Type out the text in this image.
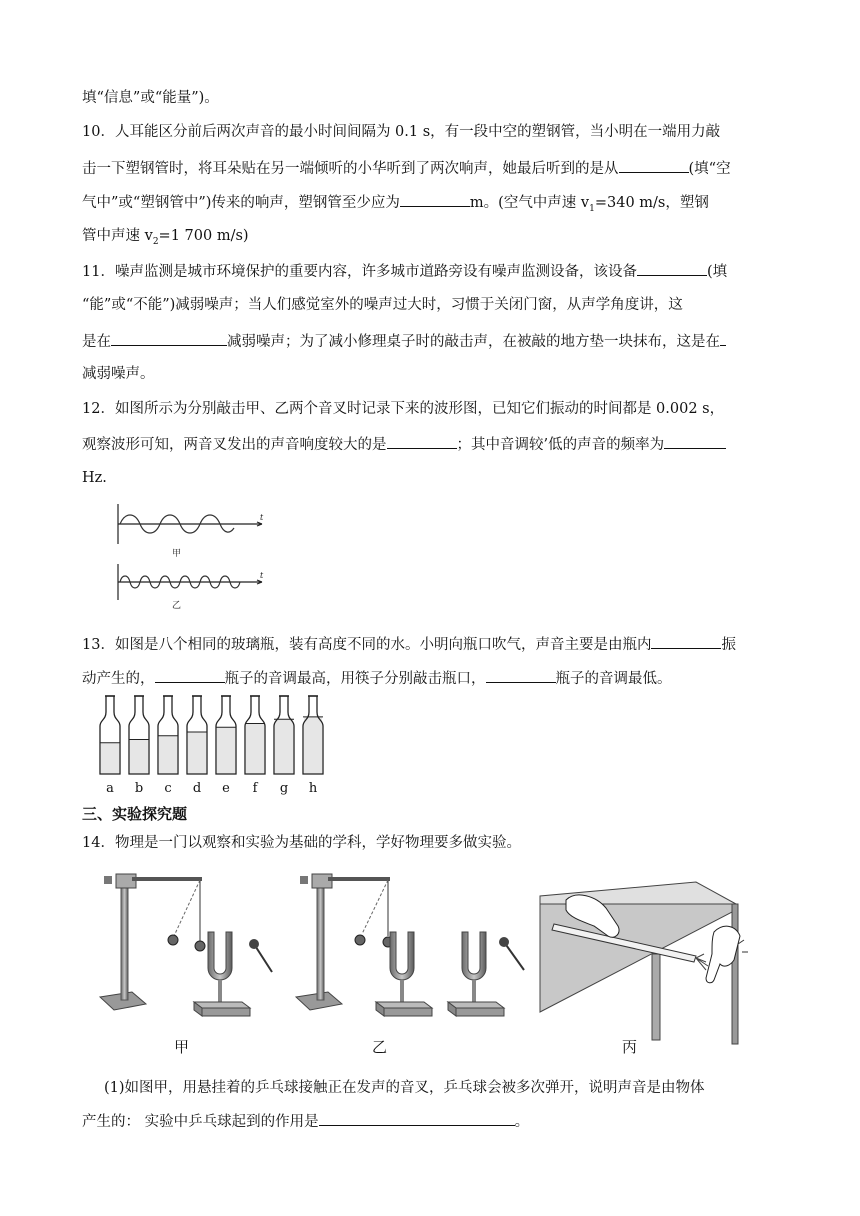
填“信息”或“能量”)。
10．人耳能区分前后两次声音的最小时间间隔为 0.1 s，有一段中空的塑钢管，当小明在一端用力敲
击一下塑钢管时，将耳朵贴在另一端倾听的小华听到了两次响声，她最后听到的是从	(填“空
气中”或“塑钢管中”)传来的响声，塑钢管至少应为	m。(空气中声速 $v_1=340$ m/s，塑钢
管中声速 $v_2=1$ 700 m/s)
11．噪声监测是城市环境保护的重要内容，许多城市道路旁设有噪声监测设备，该设备	(填
“能”或“不能”)减弱噪声；当人们感觉室外的噪声过大时，习惯于关闭门窗，从声学角度讲，这
是在	减弱噪声；为了减小修理桌子时的敲击声，在被敲的地方垫一块抹布，这是在
减弱噪声。
12．如图所示为分别敲击甲、乙两个音叉时记录下来的波形图，已知它们振动的时间都是 0.002 s，
观察波形可知，两音叉发出的声音响度较大的是	；其中音调较’低的声音的频率为
Hz.
甲
乙
t
t
13．如图是八个相同的玻璃瓶，装有高度不同的水。小明向瓶口吹气，声音主要是由瓶内	振
动产生的，	瓶子的音调最高，用筷子分别敲击瓶口，	瓶子的音调最低。
a b c d e f g h
三、实验探究题
14．物理是一门以观察和实验为基础的学科，学好物理要多做实验。
甲	乙	丙
(1)如图甲，用悬挂着的乒乓球接触正在发声的音叉，乒乓球会被多次弹开，说明声音是由物体
产生的： 实验中乒乓球起到的作用是	。
